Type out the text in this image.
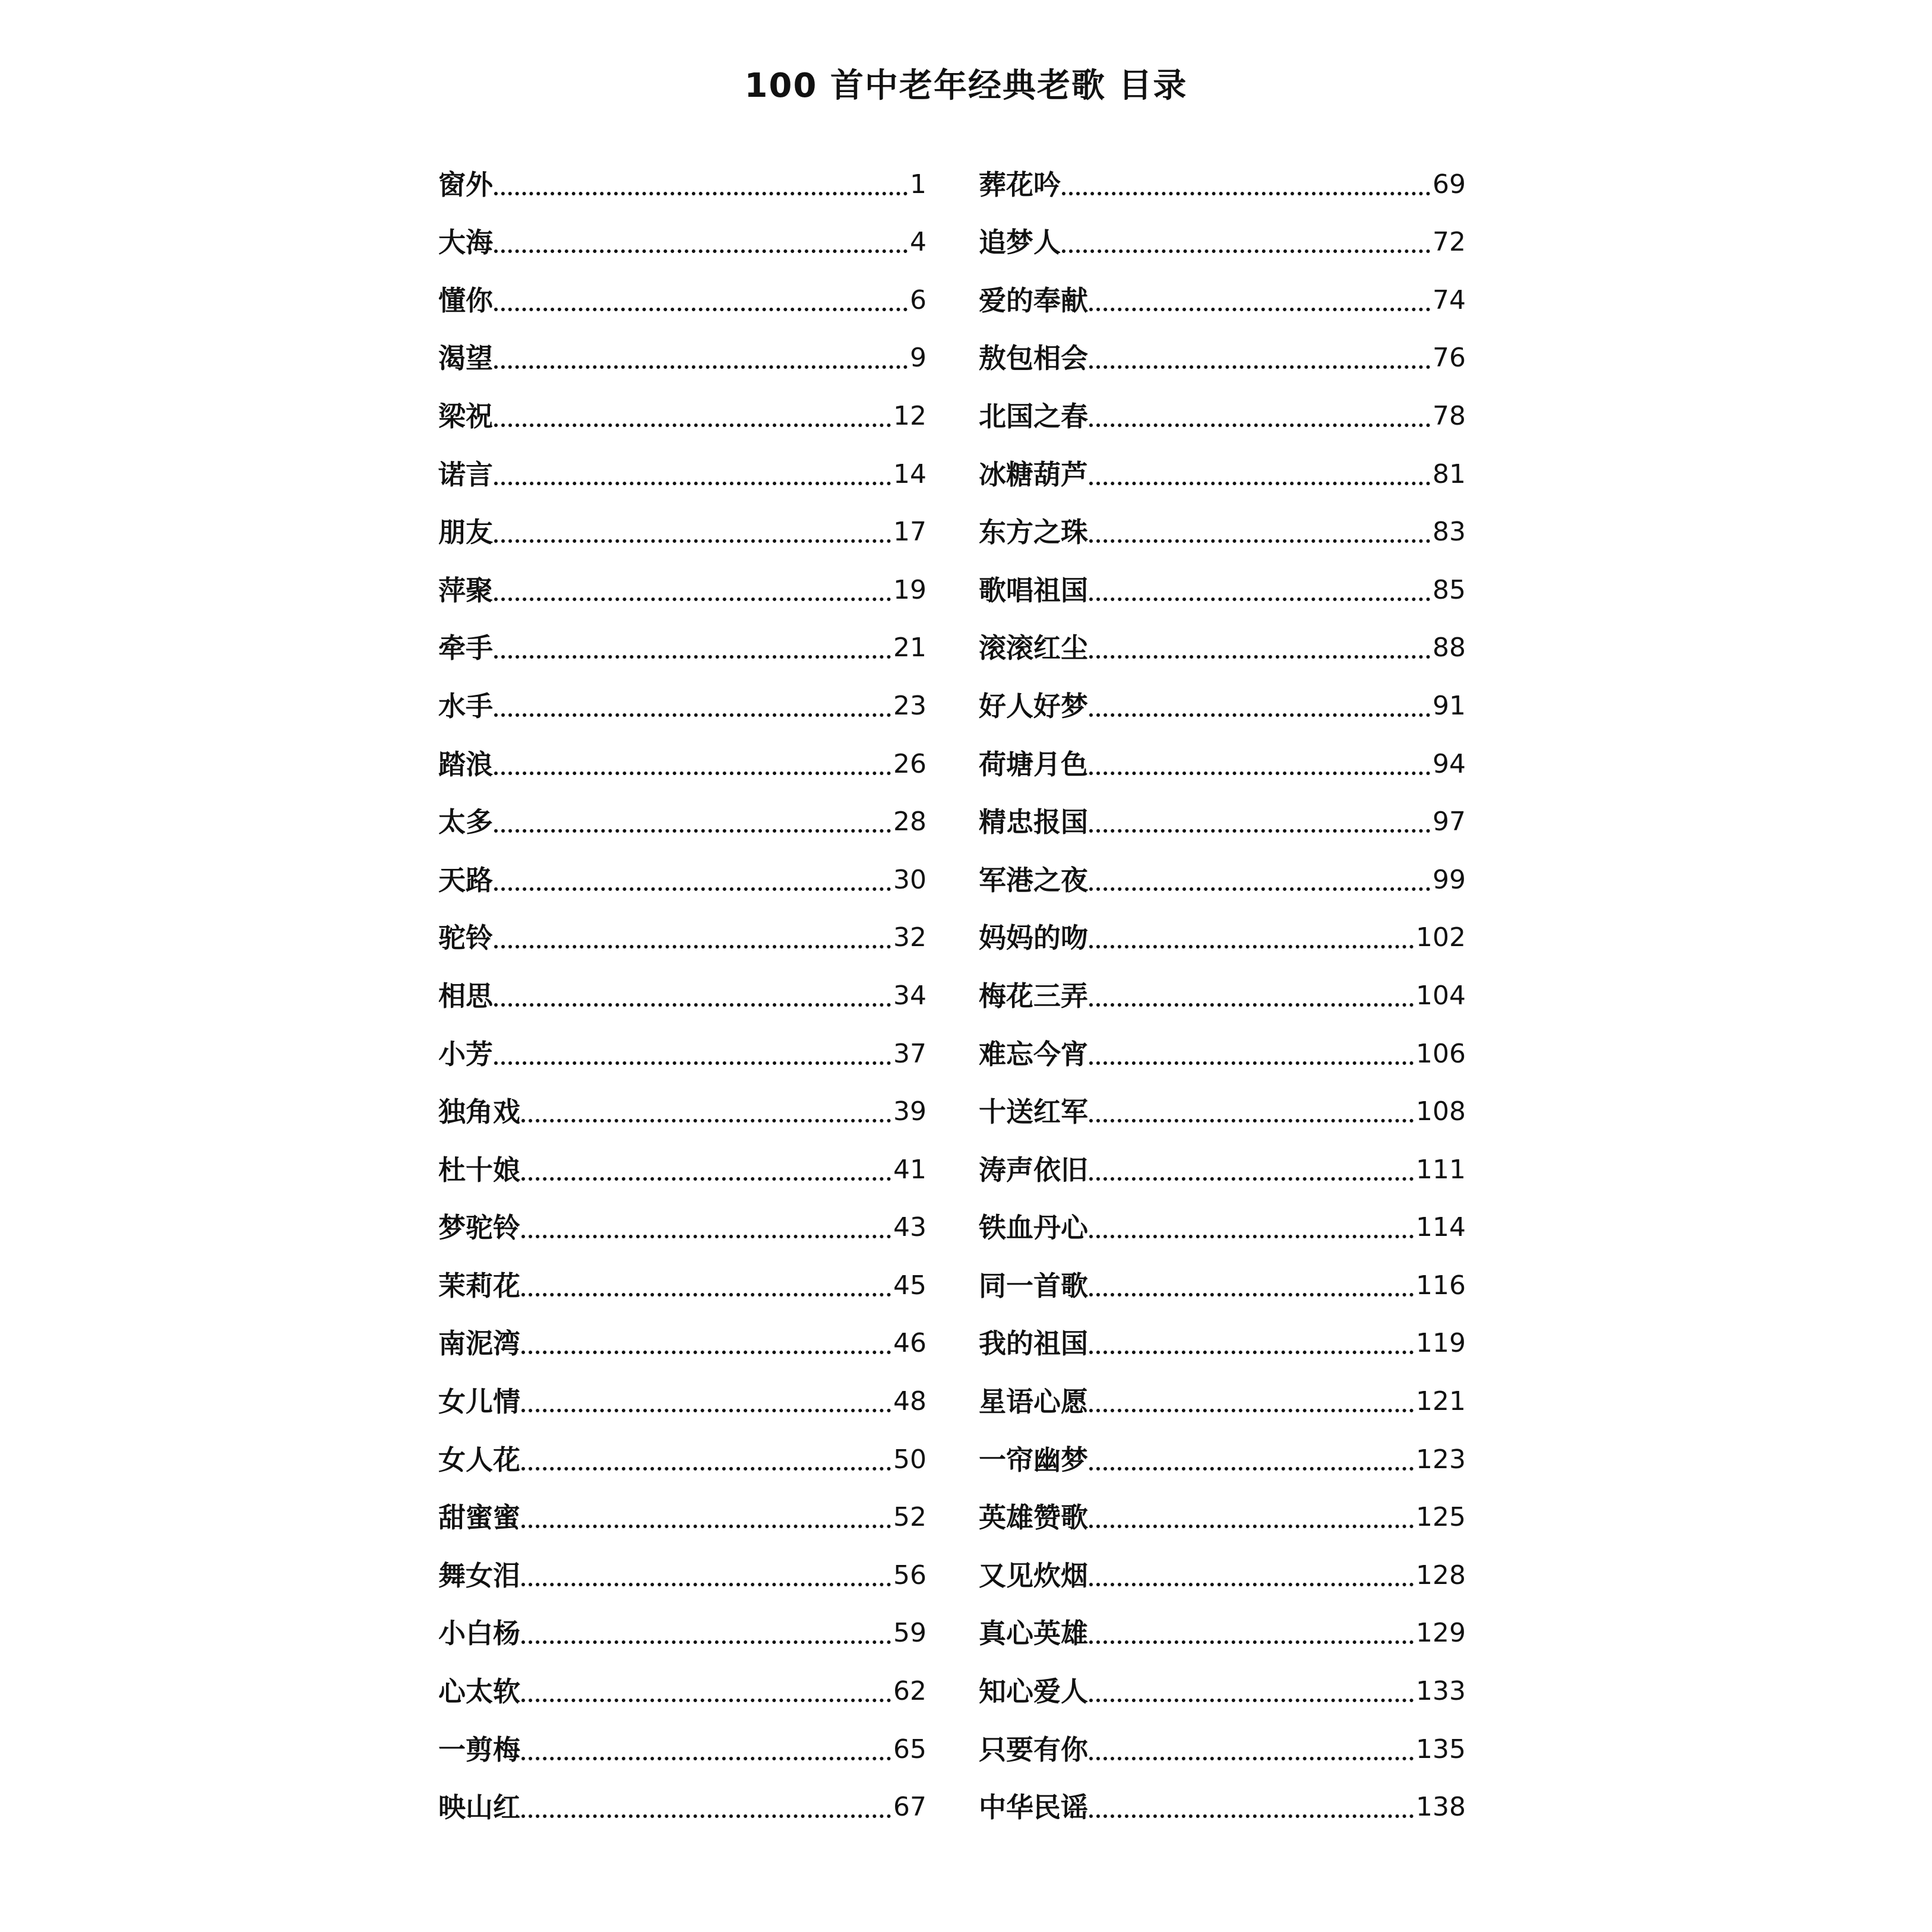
100 首中老年经典老歌 目录
窗外	1
大海	4
懂你	6
渴望	9
梁祝	12
诺言	14
朋友	17
萍聚	19
牵手	21
水手	23
踏浪	26
太多	28
天路	30
驼铃	32
相思	34
小芳	37
独角戏	39
杜十娘	41
梦驼铃	43
茉莉花	45
南泥湾	46
女儿情	48
女人花	50
甜蜜蜜	52
舞女泪	56
小白杨	59
心太软	62
一剪梅	65
映山红	67
葬花吟	69
追梦人	72
爱的奉献	74
敖包相会	76
北国之春	78
冰糖葫芦	81
东方之珠	83
歌唱祖国	85
滚滚红尘	88
好人好梦	91
荷塘月色	94
精忠报国	97
军港之夜	99
妈妈的吻	102
梅花三弄	104
难忘今宵	106
十送红军	108
涛声依旧	111
铁血丹心	114
同一首歌	116
我的祖国	119
星语心愿	121
一帘幽梦	123
英雄赞歌	125
又见炊烟	128
真心英雄	129
知心爱人	133
只要有你	135
中华民谣	138
